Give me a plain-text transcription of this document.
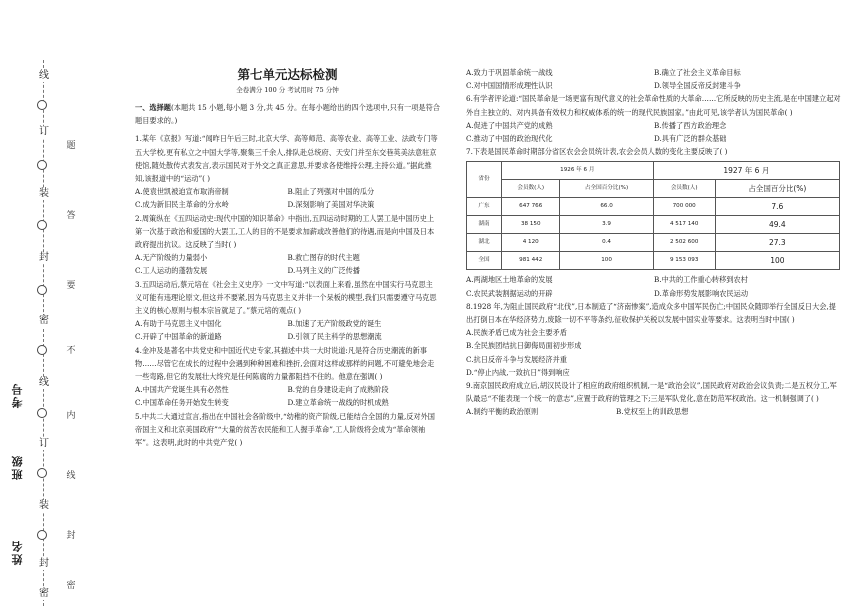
线
订
装
封
密
线
订
装
封
密
题
答
要
不
内
线
封
密
考号
班级
姓名
第七单元达标检测
全卷满分 100 分 考试用时 75 分钟

一、选择题(本题共 15 小题,每小题 3 分,共 45 分。在每小题给出的四个选项中,只有一项是符合题目要求的。)

1.某年《京报》写道:“闻昨日午后三时,北京大学、高等师范、高等农业、高等工业、法政专门等五大学校,更有私立之中国大学等,聚集三千余人,排队赴总统府、天安门并至东交巷英美法意驻京使馆,随处散传式表发言,表示国民对于外交之真正意思,并要求各使维持公理,主持公道。”据此推知,该报道中的“运动”( )

A.使袁世凯被迫宣布取消帝制	B.阻止了列强对中国的瓜分
C.成为新旧民主革命的分水岭	D.深刻影响了美国对华决策

2.周策纵在《五四运动史:现代中国的知识革命》中指出,五四运动时期的工人罢工是中国历史上第一次基于政治和爱国的大罢工,工人的目的不是要求加薪或改善他们的待遇,而是向中国及日本政府提出抗议。这反映了当时( )

A.无产阶级的力量弱小	B.救亡图存的时代主题
C.工人运动的蓬勃发展	D.马列主义的广泛传播

3.五四运动后,蔡元培在《社会主义史序》一文中写道:“以表面上来看,虽然在中国实行马克思主义可能有违理论原文,但这并不要紧,因为马克思主义并非一个呆板的模型,我们只需要遵守马克思主义的核心原则与根本宗旨就足了。”蔡元培的观点( )

A.有助于马克思主义中国化	B.加速了无产阶级政党的诞生
C.开辟了中国革命的新道路	D.引领了民主科学的思想潮流

4.金冲及是著名中共党史和中国近代史专家,其描述中共一大时说道:凡是符合历史潮流的新事物……尽管它在成长的过程中会遇到种种困难和挫折,会面对这样或那样的问题,不可避免地会走一些弯路,但它的发展壮大终究是任何陈腐的力量都阻挡不住的。他意在强调( )

A.中国共产党诞生具有必然性	B.党的自身建设走向了成熟阶段
C.中国革命任务开始发生转变	D.建立革命统一战线的时机成熟

5.中共二大通过宣言,指出在中国社会各阶级中,“幼稚的资产阶级,已能结合全国的力量,反对外国帝国主义和北京美国政府”“大量的贫苦农民能和工人握手革命”,工人阶级将会成为“革命领袖军”。这表明,此时的中共党产党( )

A.致力于巩固革命统一战线	B.确立了社会主义革命目标
C.对中国国情形成理性认识	D.领导全国反帝反封建斗争

6.有学者评论道:“国民革命是一场更富有现代意义的社会革命性质的大革命……它所反映的历史主流,是在中国建立起对外自主独立的、对内具备有效权力和权威体系的统一的现代民族国家。”由此可见,该学者认为国民革命( )

A.促进了中国共产党的成熟	B.传播了西方政治理念
C.推动了中国的政治现代化	D.具有广泛的群众基础

7.下表是国民革命时期部分省区农会会员统计表,农会会员人数的变化主要反映了( )

省份	1926 年 6 月		1927 年 6 月	
	会员数(人)	占全国百分比(%)	会员数(人)	占全国百分比(%)
广东	647 766	66.0	700 000	7.6
湖南	38 150	3.9	4 517 140	49.4
湖北	4 120	0.4	2 502 600	27.3
全国	981 442	100	9 153 093	100
A.两湖地区土地革命的发展	B.中共的工作重心转移到农村
C.农民武装割据运动的开辟	D.革命形势发展影响农民运动

8.1928 年,为阻止国民政府“北伐”,日本制造了“济南惨案”,造成众多中国军民伤亡;中国民众随即举行全国反日大会,提出打倒日本在华经济势力,废除一切不平等条约,征收保护关税以发展中国实业等要求。这表明当时中国( )

A.民族矛盾已成为社会主要矛盾

B.全民族团结抗日御侮局面初步形成

C.抗日反帝斗争与发展经济并重

D.“停止内战,一致抗日”得到响应

9.南京国民政府成立后,胡汉民设计了相应的政府组织机制,一是“政治会议”,国民政府对政治会议负责;二是五权分工,军队最忌“不能表现一个统一的意志”,应置于政府的管理之下;三是军队党化,意在防范军权政治。这一机制强调了( )

A.制约平衡的政治原则	B.党权至上的训政思想
